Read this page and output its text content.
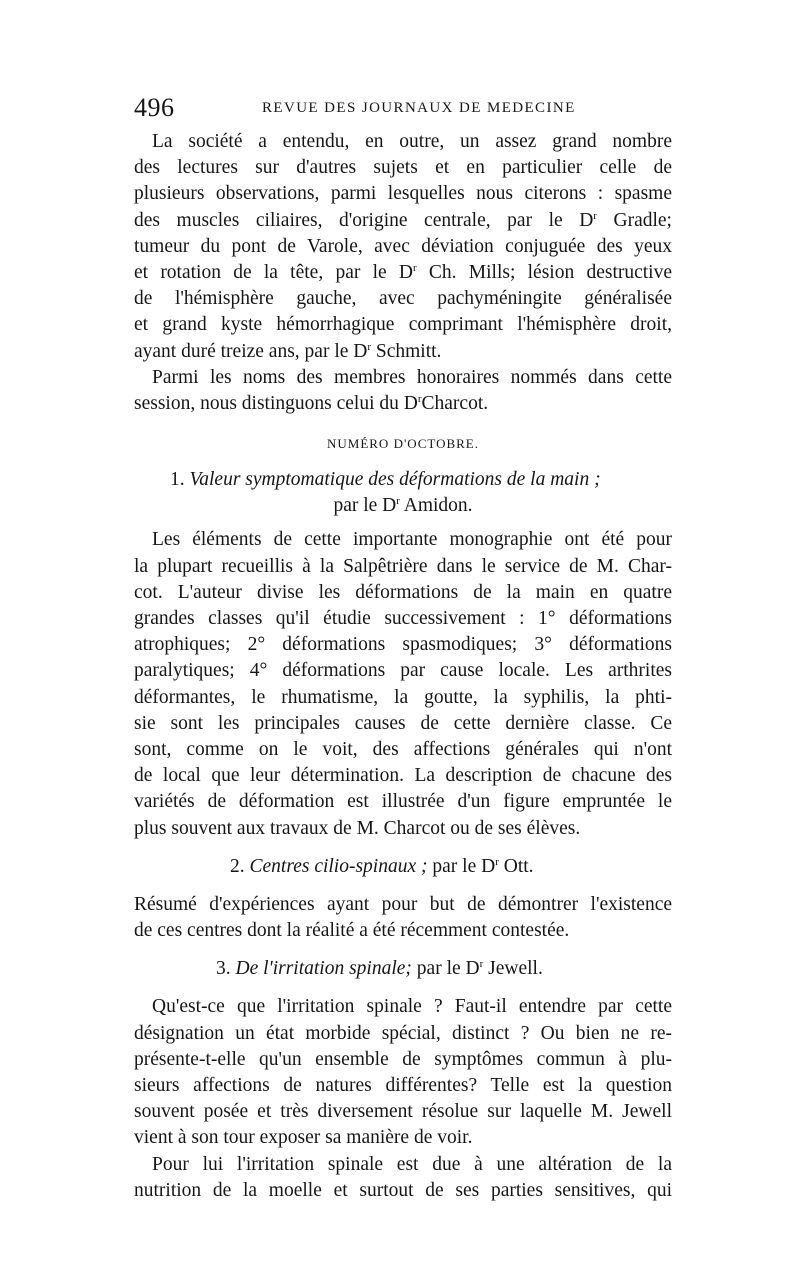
496	REVUE DES JOURNAUX DE MEDECINE
La société a entendu, en outre, un assez grand nombre
des lectures sur d'autres sujets et en particulier celle de
plusieurs observations, parmi lesquelles nous citerons : spasme
des muscles ciliaires, d'origine centrale, par le $D^r$ Gradle;
tumeur du pont de Varole, avec déviation conjuguée des yeux
et rotation de la tête, par le $D^r$ Ch. Mills; lésion destructive
de l'hémisphère gauche, avec pachyméningite généralisée
et grand kyste hémorrhagique comprimant l'hémisphère droit,
ayant duré treize ans, par le $D^r$ Schmitt.
Parmi les noms des membres honoraires nommés dans cette
session, nous distinguons celui du $D^rCharcot$.
NUMÉRO D'OCTOBRE.
1. Valeur symptomatique des déformations de la main ;
par le $D^r$ Amidon.
Les éléments de cette importante monographie ont été pour
la plupart recueillis à la Salpêtrière dans le service de M. Char-
cot. L'auteur divise les déformations de la main en quatre
grandes classes qu'il étudie successivement : 1° déformations
atrophiques; 2° déformations spasmodiques; 3° déformations
paralytiques; 4° déformations par cause locale. Les arthrites
déformantes, le rhumatisme, la goutte, la syphilis, la phti-
sie sont les principales causes de cette dernière classe. Ce
sont, comme on le voit, des affections générales qui n'ont
de local que leur détermination. La description de chacune des
variétés de déformation est illustrée d'un figure empruntée le
plus souvent aux travaux de M. Charcot ou de ses élèves.
2. Centres cilio-spinaux ; par le $D^r$ Ott.
Résumé d'expériences ayant pour but de démontrer l'existence
de ces centres dont la réalité a été récemment contestée.
3. De l'irritation spinale; par le $D^r$ Jewell.
Qu'est-ce que l'irritation spinale ? Faut-il entendre par cette
désignation un état morbide spécial, distinct ? Ou bien ne re-
présente-t-elle qu'un ensemble de symptômes commun à plu-
sieurs affections de natures différentes? Telle est la question
souvent posée et très diversement résolue sur laquelle M. Jewell
vient à son tour exposer sa manière de voir.
Pour lui l'irritation spinale est due à une altération de la
nutrition de la moelle et surtout de ses parties sensitives, qui
